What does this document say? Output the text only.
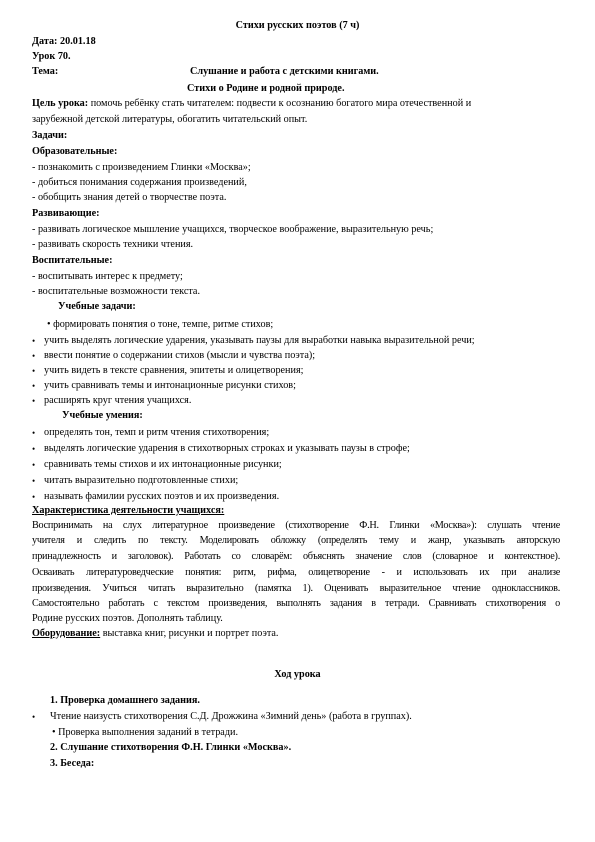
Стихи русских поэтов (7 ч)
Дата: 20.01.18
Урок 70.
Тема:	Слушание и работа с детскими книгами.
Стихи о Родине и родной природе.
Цель урока: помочь ребёнку стать читателем: подвести к осознанию богатого мира отечественной и
зарубежной детской литературы, обогатить читательский опыт.
Задачи:
Образовательные:
- познакомить с произведением Глинки «Москва»;
- добиться понимания содержания произведений,
- обобщить знания детей о творчестве поэта.
Развивающие:
- развивать логическое мышление учащихся, творческое воображение, выразительную речь;
- развивать скорость техники чтения.
Воспитательные:
- воспитывать интерес к предмету;
- воспитательные возможности текста.
Учебные задачи:
• формировать понятия о тоне, темпе, ритме стихов;
• учить выделять логические ударения, указывать паузы для выработки навыка выразительной речи;
• ввести понятие о содержании стихов (мысли и чувства поэта);
• учить видеть в тексте сравнения, эпитеты и олицетворения;
• учить сравнивать темы и интонационные рисунки стихов;
• расширять круг чтения учащихся.
Учебные умения:
• определять тон, темп и ритм чтения стихотворения;
• выделять логические ударения в стихотворных строках и указывать паузы в строфе;
• сравнивать темы стихов и их интонационные рисунки;
• читать выразительно подготовленные стихи;
• называть фамилии русских поэтов и их произведения.
Характеристика деятельности учащихся:
Воспринимать на слух литературное произведение (стихотворение Ф.Н. Глинки «Москва»): слушать чтение
учителя и следить по тексту. Моделировать обложку (определять тему и жанр, указывать авторскую
принадлежность и заголовок). Работать со словарём: объяснять значение слов (словарное и контекстное).
Осваивать литературоведческие понятия: ритм, рифма, олицетворение - и использовать их при анализе
произведения. Учиться читать выразительно (памятка 1). Оценивать выразительное чтение одноклассников.
Самостоятельно работать с текстом произведения, выполнять задания в тетради. Сравнивать стихотворения о
Родине русских поэтов. Дополнять таблицу.
Оборудование: выставка книг, рисунки и портрет поэта.
Ход урока
1. Проверка домашнего задания.
• Чтение наизусть стихотворения С.Д. Дрожжина «Зимний день» (работа в группах).
• Проверка выполнения заданий в тетради.
2. Слушание стихотворения Ф.Н. Глинки «Москва».
3. Беседа:
